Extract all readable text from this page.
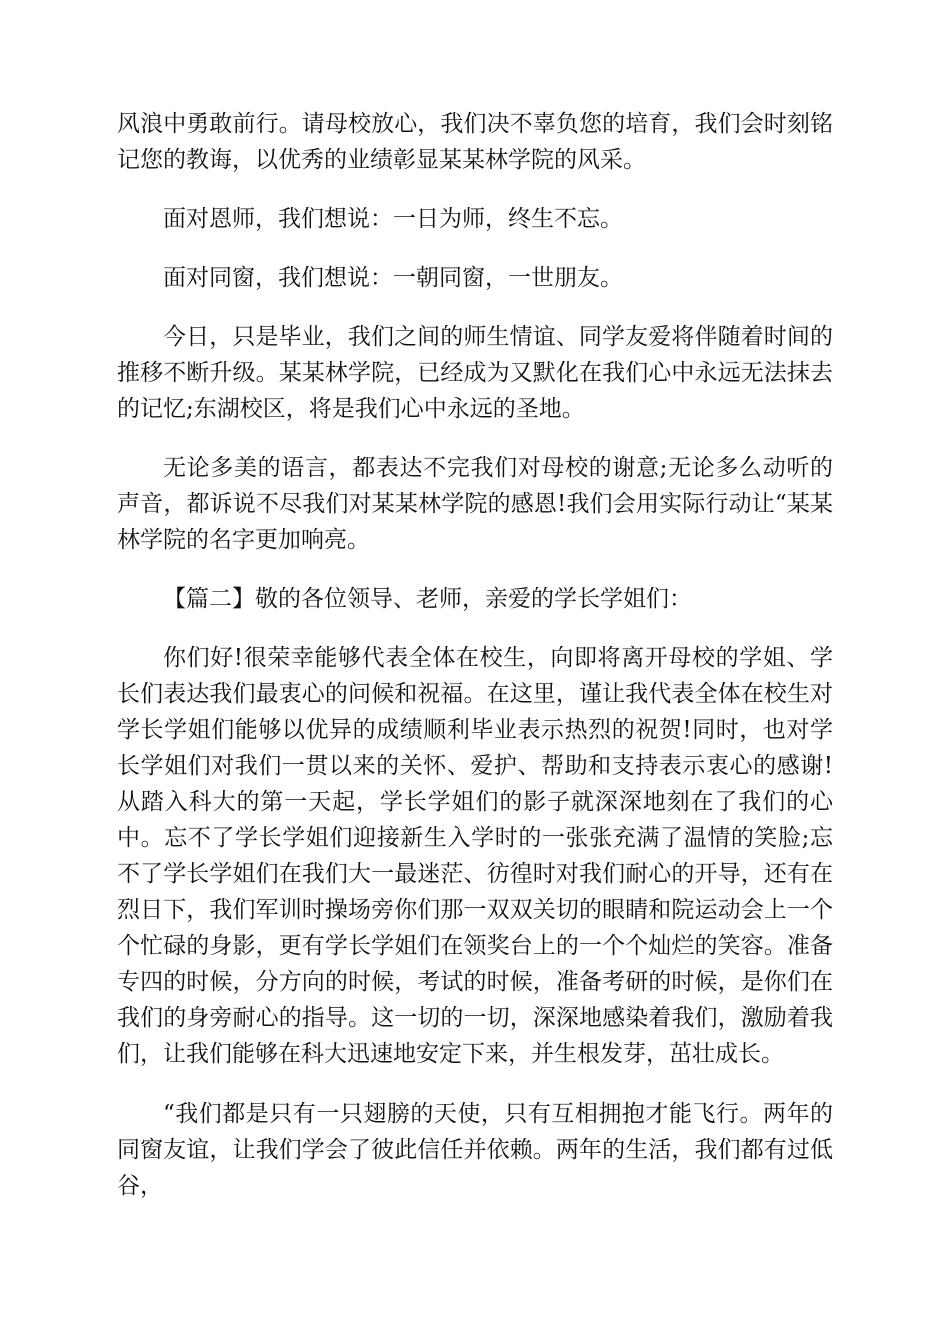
风浪中勇敢前行。请母校放心，我们决不辜负您的培育，我们会时刻铭记您的教诲，以优秀的业绩彰显某某林学院的风采。

面对恩师，我们想说：一日为师，终生不忘。

面对同窗，我们想说：一朝同窗，一世朋友。

今日，只是毕业，我们之间的师生情谊、同学友爱将伴随着时间的推移不断升级。某某林学院，已经成为又默化在我们心中永远无法抹去的记忆;东湖校区，将是我们心中永远的圣地。

无论多美的语言，都表达不完我们对母校的谢意;无论多么动听的声音，都诉说不尽我们对某某林学院的感恩!我们会用实际行动让“某某林学院的名字更加响亮。

【篇二】敬的各位领导、老师，亲爱的学长学姐们：

你们好!很荣幸能够代表全体在校生，向即将离开母校的学姐、学长们表达我们最衷心的问候和祝福。在这里，谨让我代表全体在校生对学长学姐们能够以优异的成绩顺利毕业表示热烈的祝贺!同时，也对学长学姐们对我们一贯以来的关怀、爱护、帮助和支持表示衷心的感谢!从踏入科大的第一天起，学长学姐们的影子就深深地刻在了我们的心中。忘不了学长学姐们迎接新生入学时的一张张充满了温情的笑脸;忘不了学长学姐们在我们大一最迷茫、彷徨时对我们耐心的开导，还有在烈日下，我们军训时操场旁你们那一双双关切的眼睛和院运动会上一个个忙碌的身影，更有学长学姐们在领奖台上的一个个灿烂的笑容。准备专四的时候，分方向的时候，考试的时候，准备考研的时候，是你们在我们的身旁耐心的指导。这一切的一切，深深地感染着我们，激励着我们，让我们能够在科大迅速地安定下来，并生根发芽，茁壮成长。

“我们都是只有一只翅膀的天使，只有互相拥抱才能飞行。两年的同窗友谊，让我们学会了彼此信任并依赖。两年的生活，我们都有过低谷，
